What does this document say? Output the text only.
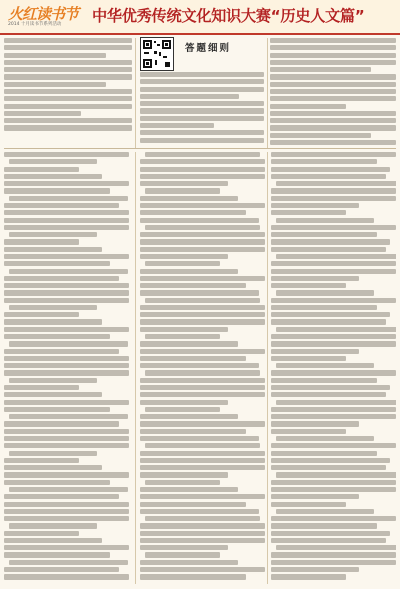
火红读书节
2014 十月读书节系列活动 中华优秀传统文化知识大赛“历史人文篇”
答题细则
